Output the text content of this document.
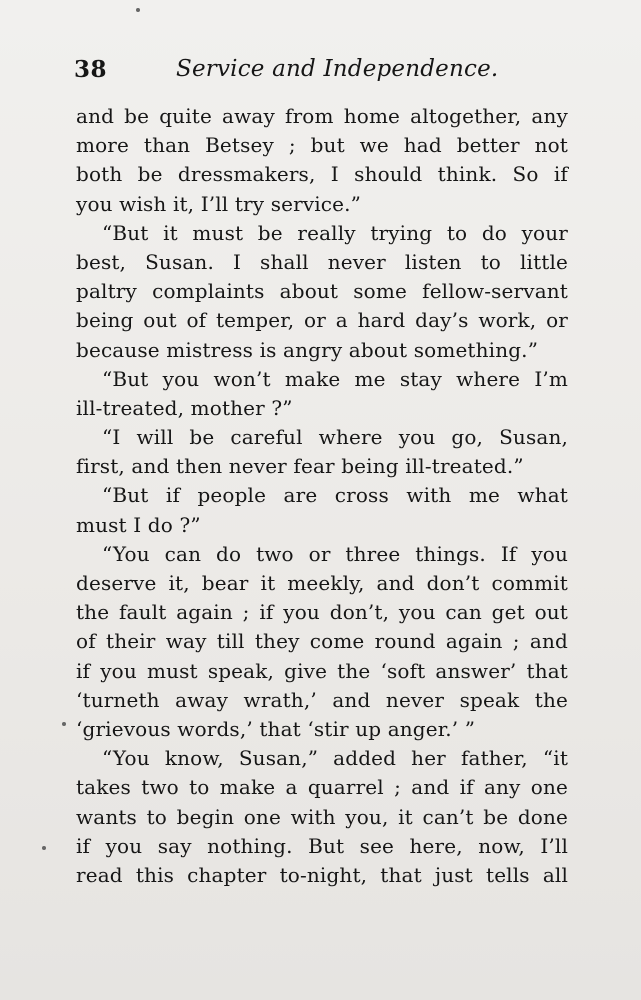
38	Service and Independence.
and be quite away from home altogether, any
more than Betsey ; but we had better not
both be dressmakers, I should think. So if
you wish it, I’ll try service.”
“But it must be really trying to do your
best, Susan. I shall never listen to little
paltry complaints about some fellow-servant
being out of temper, or a hard day’s work, or
because mistress is angry about something.”
“But you won’t make me stay where I’m
ill-treated, mother ?”
“I will be careful where you go, Susan,
first, and then never fear being ill-treated.”
“But if people are cross with me what
must I do ?”
“You can do two or three things. If you
deserve it, bear it meekly, and don’t commit
the fault again ; if you don’t, you can get out
of their way till they come round again ; and
if you must speak, give the ‘soft answer’ that
‘turneth away wrath,’ and never speak the
‘grievous words,’ that ‘stir up anger.’ ”
“You know, Susan,” added her father, “it
takes two to make a quarrel ; and if any one
wants to begin one with you, it can’t be done
if you say nothing. But see here, now, I’ll
read this chapter to-night, that just tells all
